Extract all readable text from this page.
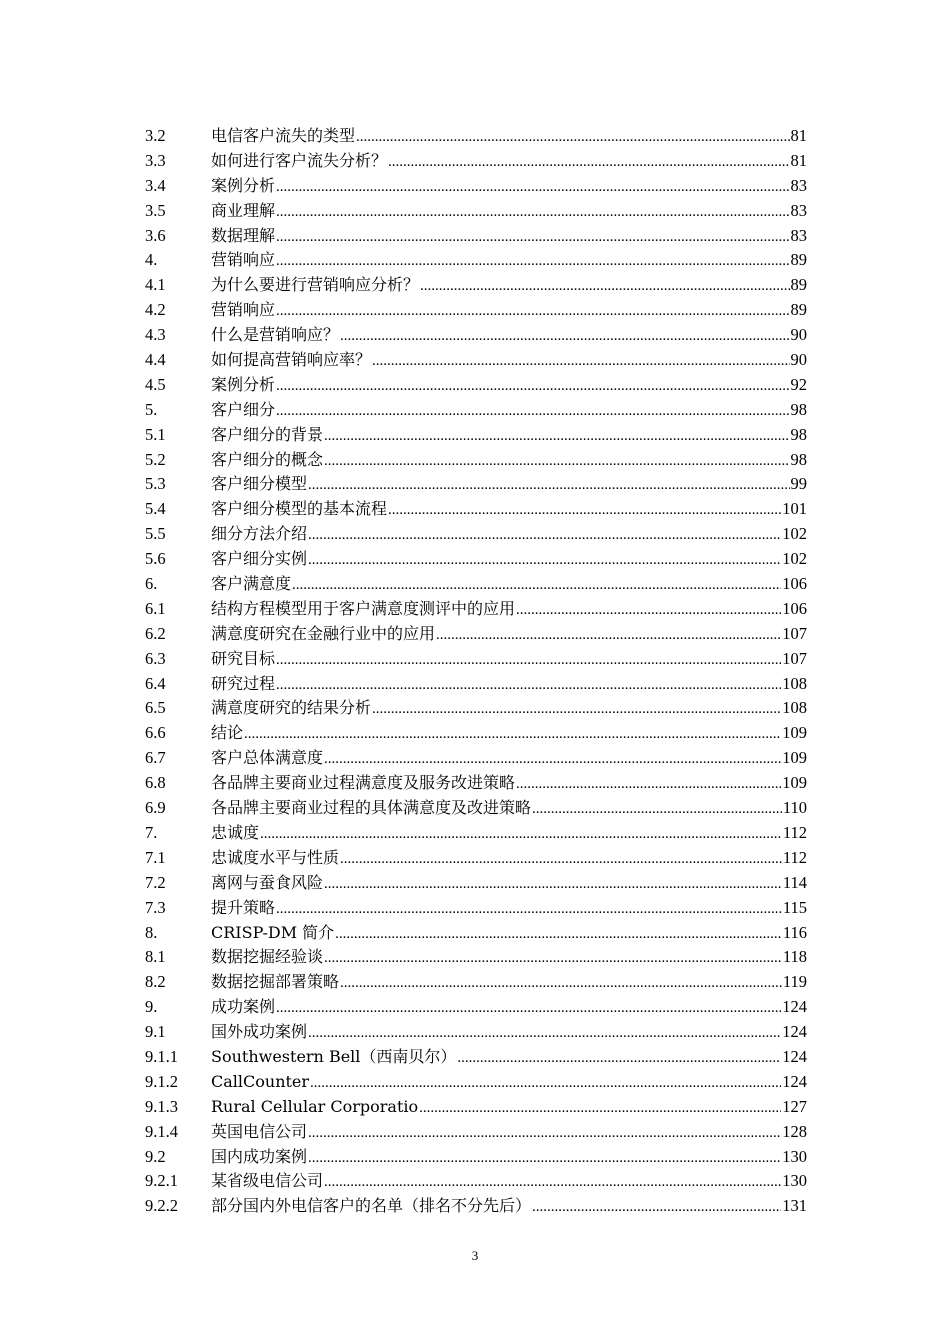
3.2	电信客户流失的类型 .....	81
3.3	如何进行客户流失分析？ .....	81
3.4	案例分析 .....	83
3.5	商业理解 .....	83
3.6	数据理解 .....	83
4.	营销响应 .....	89
4.1	为什么要进行营销响应分析？ .....	89
4.2	营销响应 .....	89
4.3	什么是营销响应？ .....	90
4.4	如何提高营销响应率？ .....	90
4.5	案例分析 .....	92
5.	客户细分 .....	98
5.1	客户细分的背景 .....	98
5.2	客户细分的概念 .....	98
5.3	客户细分模型 .....	99
5.4	客户细分模型的基本流程 .....	101
5.5	细分方法介绍 .....	102
5.6	客户细分实例 .....	102
6.	客户满意度 .....	106
6.1	结构方程模型用于客户满意度测评中的应用 .....	106
6.2	满意度研究在金融行业中的应用 .....	107
6.3	研究目标 .....	107
6.4	研究过程 .....	108
6.5	满意度研究的结果分析 .....	108
6.6	结论 .....	109
6.7	客户总体满意度 .....	109
6.8	各品牌主要商业过程满意度及服务改进策略 .....	109
6.9	各品牌主要商业过程的具体满意度及改进策略 .....	110
7.	忠诚度 .....	112
7.1	忠诚度水平与性质 .....	112
7.2	离网与蚕食风险 .....	114
7.3	提升策略 .....	115
8.	CRISP-DM 简介 .....	116
8.1	数据挖掘经验谈 .....	118
8.2	数据挖掘部署策略 .....	119
9.	成功案例 .....	124
9.1	国外成功案例 .....	124
9.1.1	Southwestern Bell（西南贝尔） .....	124
9.1.2	CallCounter .....	124
9.1.3	Rural Cellular Corporatio .....	127
9.1.4	英国电信公司 .....	128
9.2	国内成功案例 .....	130
9.2.1	某省级电信公司 .....	130
9.2.2	部分国内外电信客户的名单（排名不分先后） .....	131
3
